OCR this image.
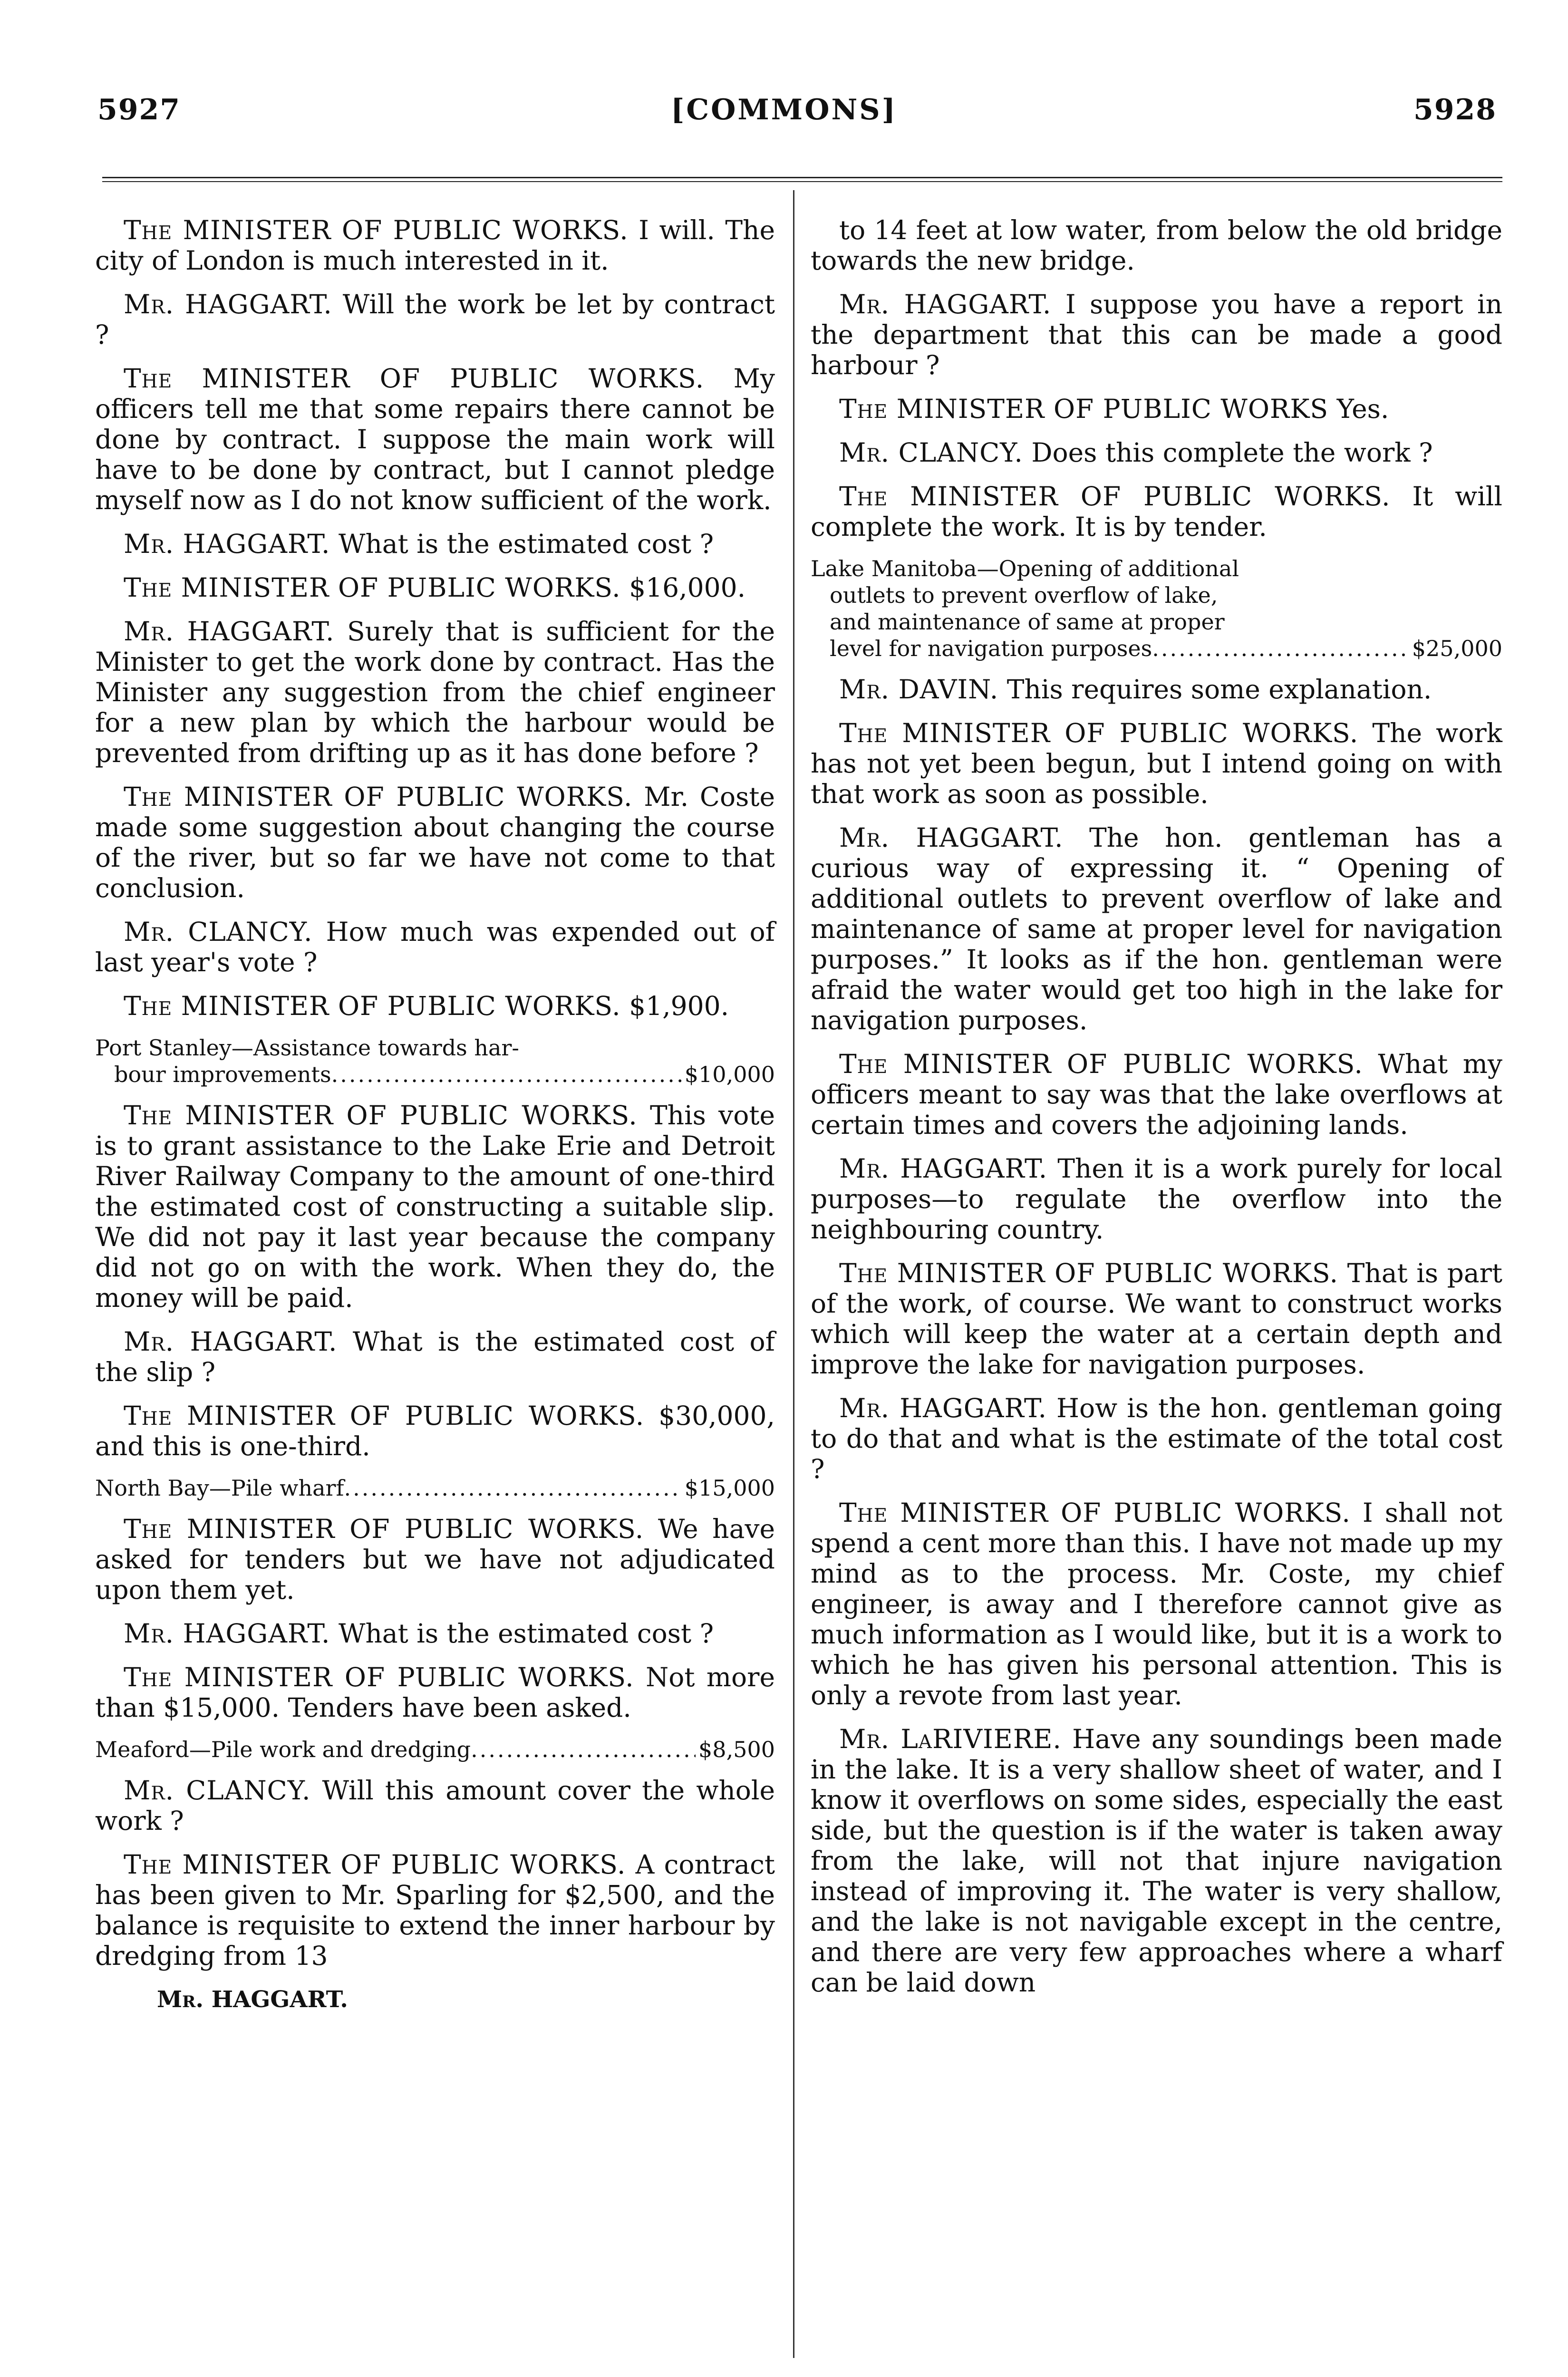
5927	[COMMONS]	5928

The MINISTER OF PUBLIC WORKS. I will. The city of London is much interested in it.

Mr. HAGGART. Will the work be let by contract ?

The MINISTER OF PUBLIC WORKS. My officers tell me that some repairs there cannot be done by contract. I suppose the main work will have to be done by contract, but I cannot pledge myself now as I do not know sufficient of the work.

Mr. HAGGART. What is the estimated cost ?

The MINISTER OF PUBLIC WORKS. $16,000.

Mr. HAGGART. Surely that is sufficient for the Minister to get the work done by contract. Has the Minister any suggestion from the chief engineer for a new plan by which the harbour would be prevented from drifting up as it has done before ?

The MINISTER OF PUBLIC WORKS. Mr. Coste made some suggestion about changing the course of the river, but so far we have not come to that conclusion.

Mr. CLANCY. How much was expended out of last year's vote ?

The MINISTER OF PUBLIC WORKS. $1,900.

Port Stanley—Assistance towards har-
bour improvements .....	$10,000

The MINISTER OF PUBLIC WORKS. This vote is to grant assistance to the Lake Erie and Detroit River Railway Company to the amount of one-third the estimated cost of constructing a suitable slip. We did not pay it last year because the company did not go on with the work. When they do, the money will be paid.

Mr. HAGGART. What is the estimated cost of the slip ?

The MINISTER OF PUBLIC WORKS. $30,000, and this is one-third.

North Bay—Pile wharf .....	$15,000

The MINISTER OF PUBLIC WORKS. We have asked for tenders but we have not adjudicated upon them yet.

Mr. HAGGART. What is the estimated cost ?

The MINISTER OF PUBLIC WORKS. Not more than $15,000. Tenders have been asked.

Meaford—Pile work and dredging .....	$8,500

Mr. CLANCY. Will this amount cover the whole work ?

The MINISTER OF PUBLIC WORKS. A contract has been given to Mr. Sparling for $2,500, and the balance is requisite to extend the inner harbour by dredging from 13

Mr. HAGGART.

to 14 feet at low water, from below the old bridge towards the new bridge.

Mr. HAGGART. I suppose you have a report in the department that this can be made a good harbour ?

The MINISTER OF PUBLIC WORKS Yes.

Mr. CLANCY. Does this complete the work ?

The MINISTER OF PUBLIC WORKS. It will complete the work. It is by tender.

Lake Manitoba—Opening of additional
outlets to prevent overflow of lake,
and maintenance of same at proper
level for navigation purposes .....	$25,000

Mr. DAVIN. This requires some explanation.

The MINISTER OF PUBLIC WORKS. The work has not yet been begun, but I intend going on with that work as soon as possible.

Mr. HAGGART. The hon. gentleman has a curious way of expressing it. “ Opening of additional outlets to prevent overflow of lake and maintenance of same at proper level for navigation purposes.” It looks as if the hon. gentleman were afraid the water would get too high in the lake for navigation purposes.

The MINISTER OF PUBLIC WORKS. What my officers meant to say was that the lake overflows at certain times and covers the adjoining lands.

Mr. HAGGART. Then it is a work purely for local purposes—to regulate the overflow into the neighbouring country.

The MINISTER OF PUBLIC WORKS. That is part of the work, of course. We want to construct works which will keep the water at a certain depth and improve the lake for navigation purposes.

Mr. HAGGART. How is the hon. gentleman going to do that and what is the estimate of the total cost ?

The MINISTER OF PUBLIC WORKS. I shall not spend a cent more than this. I have not made up my mind as to the process. Mr. Coste, my chief engineer, is away and I therefore cannot give as much information as I would like, but it is a work to which he has given his personal attention. This is only a revote from last year.

Mr. LaRIVIERE. Have any soundings been made in the lake. It is a very shallow sheet of water, and I know it overflows on some sides, especially the east side, but the question is if the water is taken away from the lake, will not that injure navigation instead of improving it. The water is very shallow, and the lake is not navigable except in the centre, and there are very few approaches where a wharf can be laid down
